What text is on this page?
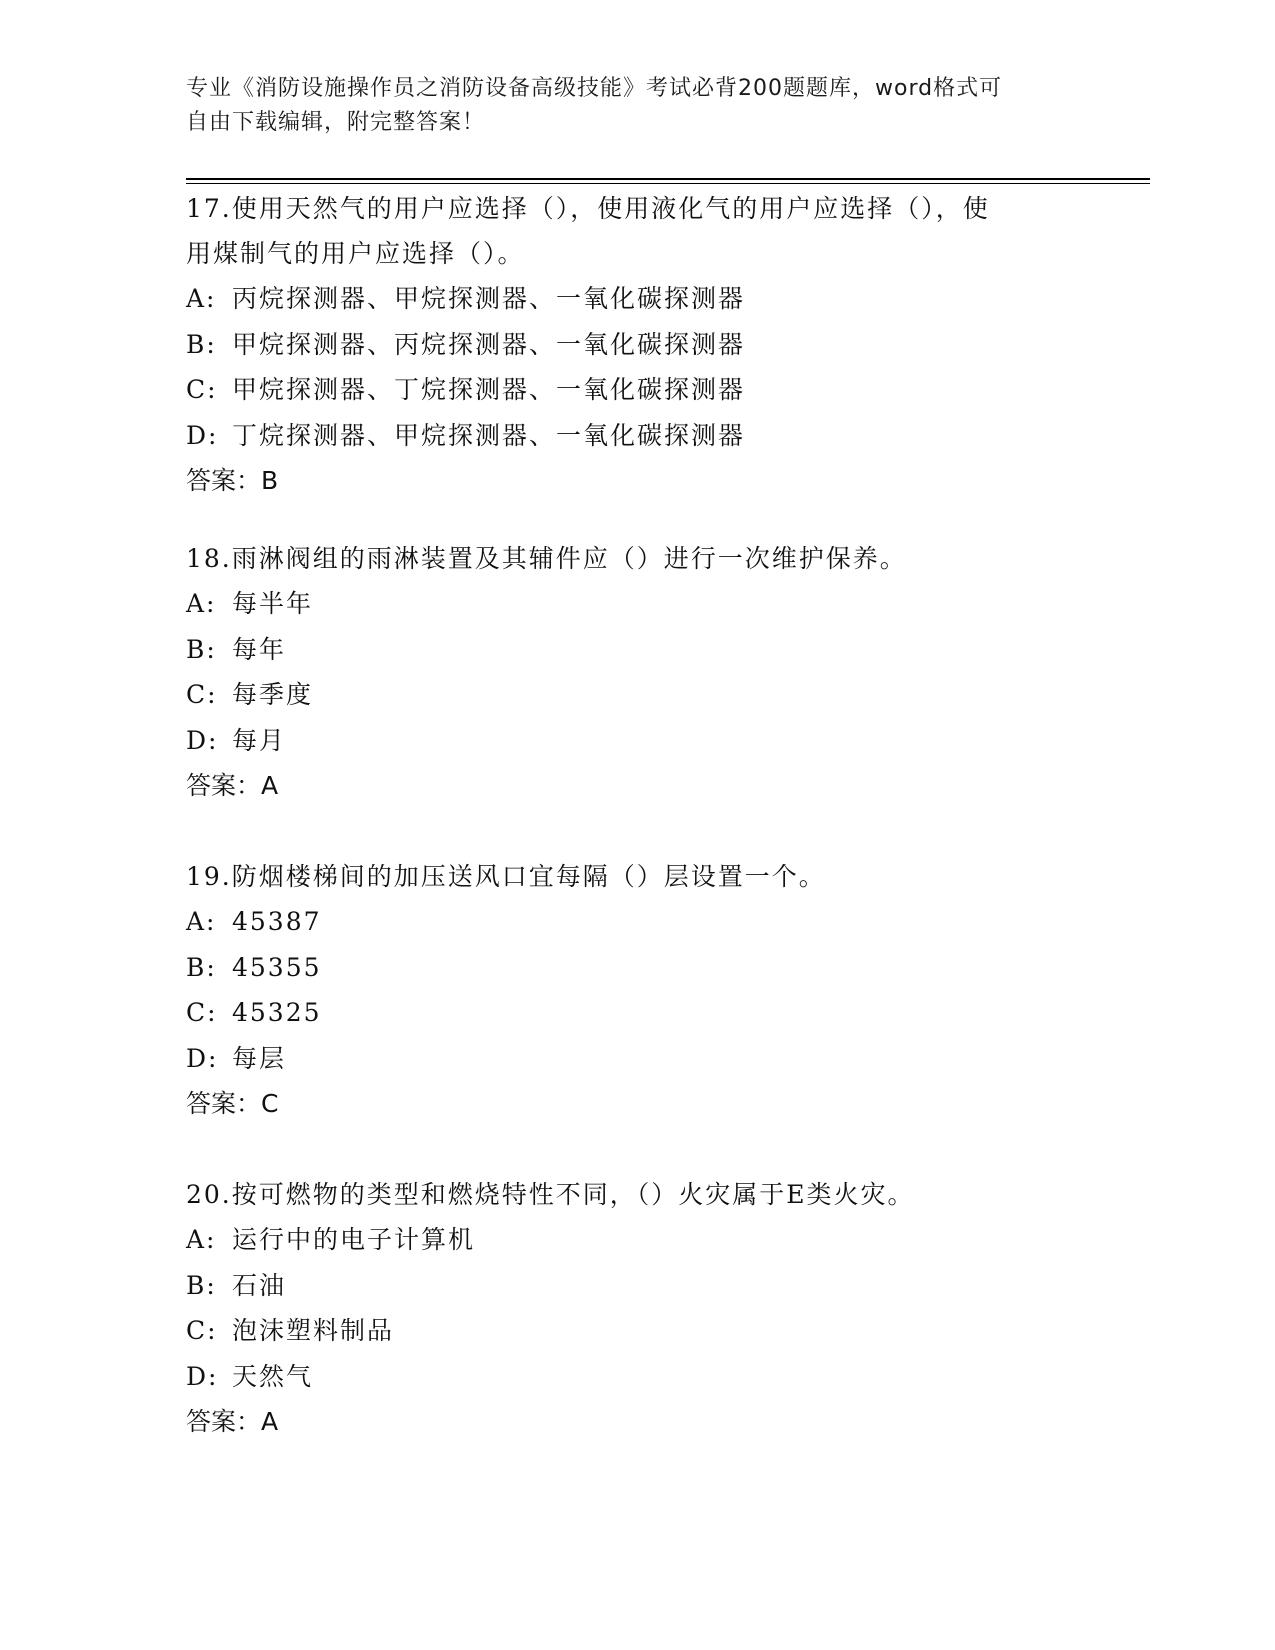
专业《消防设施操作员之消防设备高级技能》考试必背200题题库，word格式可
自由下载编辑，附完整答案！
17.使用天然气的用户应选择（），使用液化气的用户应选择（），使
用煤制气的用户应选择（）。
A: 丙烷探测器、甲烷探测器、一氧化碳探测器
B: 甲烷探测器、丙烷探测器、一氧化碳探测器
C: 甲烷探测器、丁烷探测器、一氧化碳探测器
D: 丁烷探测器、甲烷探测器、一氧化碳探测器
答案：B
18.雨淋阀组的雨淋装置及其辅件应（）进行一次维护保养。
A: 每半年
B: 每年
C: 每季度
D: 每月
答案：A
19.防烟楼梯间的加压送风口宜每隔（）层设置一个。
A: 45387
B: 45355
C: 45325
D: 每层
答案：C
20.按可燃物的类型和燃烧特性不同，（）火灾属于E类火灾。
A: 运行中的电子计算机
B: 石油
C: 泡沫塑料制品
D: 天然气
答案：A
